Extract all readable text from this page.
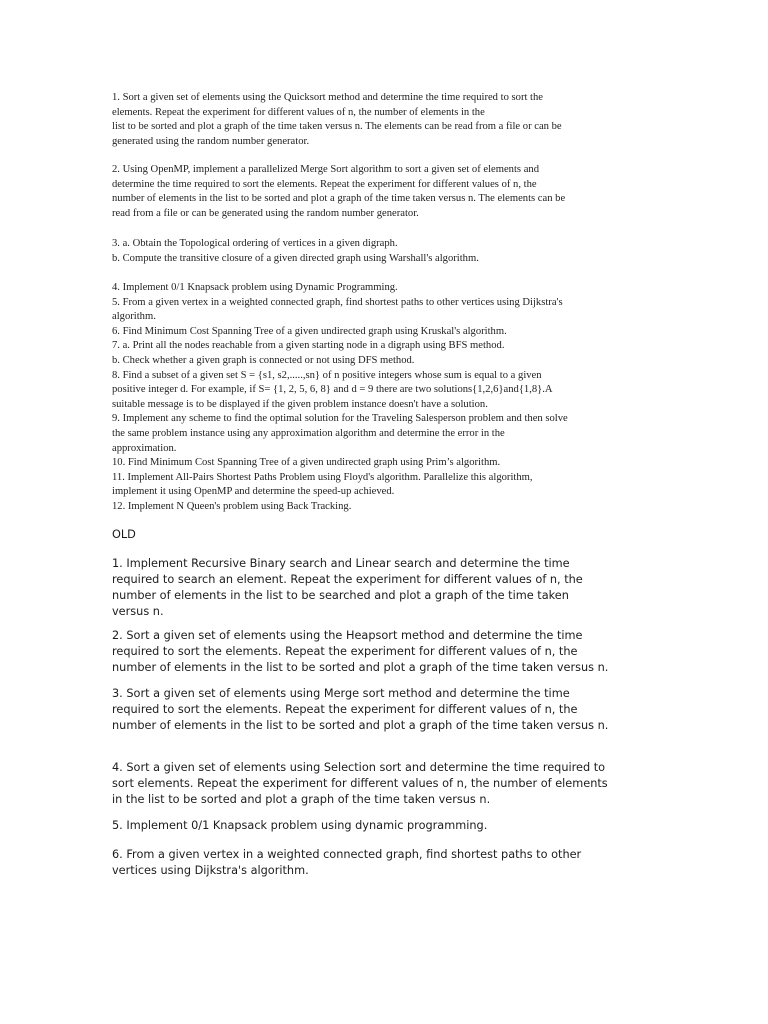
1. Sort a given set of elements using the Quicksort method and determine the time required to sort the
elements. Repeat the experiment for different values of n, the number of elements in the
list to be sorted and plot a graph of the time taken versus n. The elements can be read from a file or can be
generated using the random number generator.

2. Using OpenMP, implement a parallelized Merge Sort algorithm to sort a given set of elements and
determine the time required to sort the elements. Repeat the experiment for different values of n, the
number of elements in the list to be sorted and plot a graph of the time taken versus n. The elements can be
read from a file or can be generated using the random number generator.

3. a. Obtain the Topological ordering of vertices in a given digraph.
b. Compute the transitive closure of a given directed graph using Warshall's algorithm.

4. Implement 0/1 Knapsack problem using Dynamic Programming.
5. From a given vertex in a weighted connected graph, find shortest paths to other vertices using Dijkstra's
algorithm.
6. Find Minimum Cost Spanning Tree of a given undirected graph using Kruskal's algorithm.
7. a. Print all the nodes reachable from a given starting node in a digraph using BFS method.
b. Check whether a given graph is connected or not using DFS method.
8. Find a subset of a given set S = {s1, s2,.....,sn} of n positive integers whose sum is equal to a given
positive integer d. For example, if S= {1, 2, 5, 6, 8} and d = 9 there are two solutions{1,2,6}and{1,8}.A
suitable message is to be displayed if the given problem instance doesn't have a solution.
9. Implement any scheme to find the optimal solution for the Traveling Salesperson problem and then solve
the same problem instance using any approximation algorithm and determine the error in the
approximation.
10. Find Minimum Cost Spanning Tree of a given undirected graph using Prim’s algorithm.
11. Implement All-Pairs Shortest Paths Problem using Floyd's algorithm. Parallelize this algorithm,
implement it using OpenMP and determine the speed-up achieved.
12. Implement N Queen's problem using Back Tracking.

OLD

1. Implement Recursive Binary search and Linear search and determine the time
required to search an element. Repeat the experiment for different values of n, the
number of elements in the list to be searched and plot a graph of the time taken
versus n.

2. Sort a given set of elements using the Heapsort method and determine the time
required to sort the elements. Repeat the experiment for different values of n, the
number of elements in the list to be sorted and plot a graph of the time taken versus n.

3. Sort a given set of elements using Merge sort method and determine the time
required to sort the elements. Repeat the experiment for different values of n, the
number of elements in the list to be sorted and plot a graph of the time taken versus n.

4. Sort a given set of elements using Selection sort and determine the time required to
sort elements. Repeat the experiment for different values of n, the number of elements
in the list to be sorted and plot a graph of the time taken versus n.

5. Implement 0/1 Knapsack problem using dynamic programming.

6. From a given vertex in a weighted connected graph, find shortest paths to other
vertices using Dijkstra's algorithm.
